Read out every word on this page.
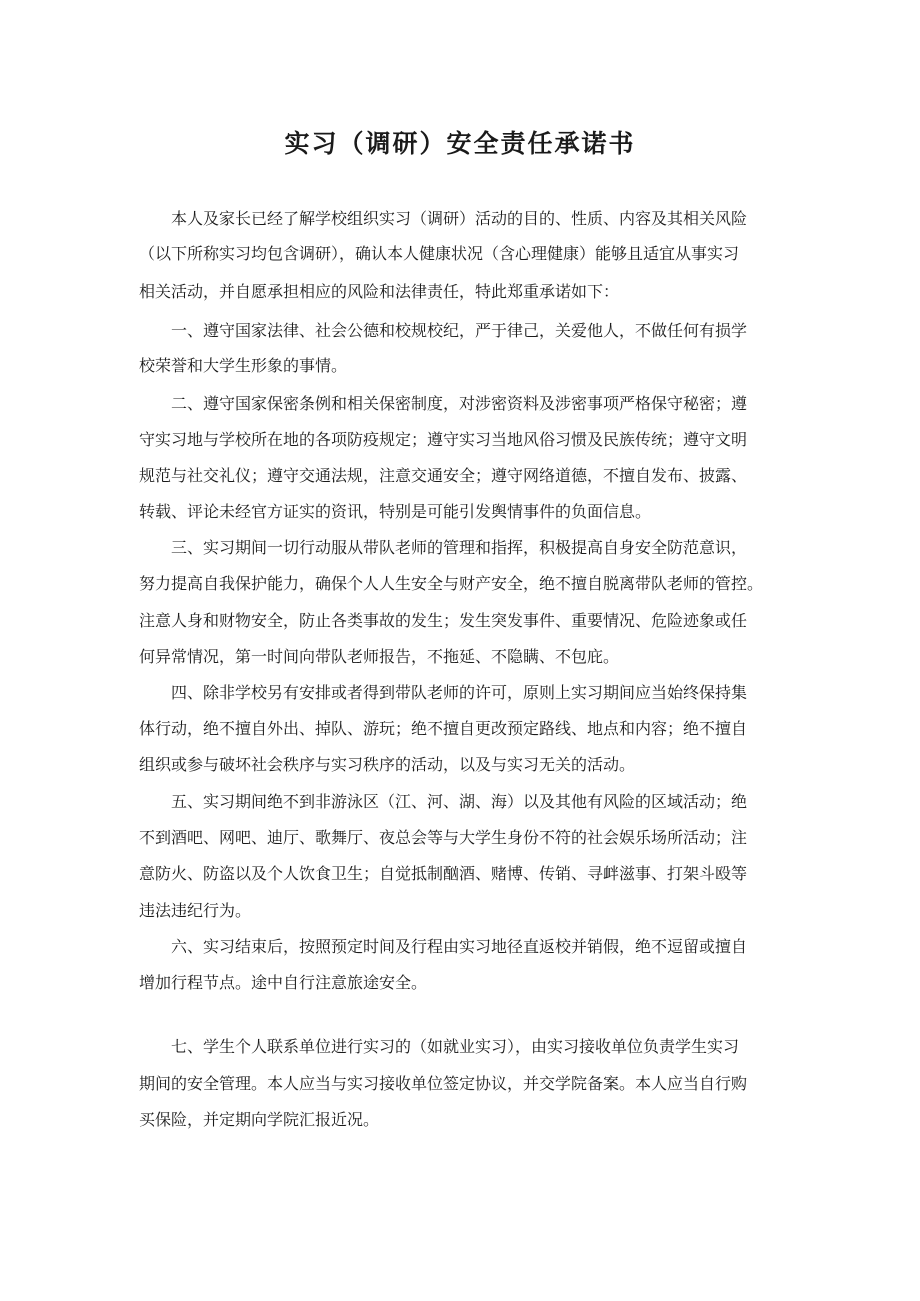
实习（调研）安全责任承诺书
本人及家长已经了解学校组织实习（调研）活动的目的、性质、内容及其相关风险
（以下所称实习均包含调研），确认本人健康状况（含心理健康）能够且适宜从事实习
相关活动，并自愿承担相应的风险和法律责任，特此郑重承诺如下：
一、遵守国家法律、社会公德和校规校纪，严于律己，关爱他人，不做任何有损学
校荣誉和大学生形象的事情。
二、遵守国家保密条例和相关保密制度，对涉密资料及涉密事项严格保守秘密；遵
守实习地与学校所在地的各项防疫规定；遵守实习当地风俗习惯及民族传统；遵守文明
规范与社交礼仪；遵守交通法规，注意交通安全；遵守网络道德，不擅自发布、披露、
转载、评论未经官方证实的资讯，特别是可能引发舆情事件的负面信息。
三、实习期间一切行动服从带队老师的管理和指挥，积极提高自身安全防范意识，
努力提高自我保护能力，确保个人人生安全与财产安全，绝不擅自脱离带队老师的管控。
注意人身和财物安全，防止各类事故的发生；发生突发事件、重要情况、危险迹象或任
何异常情况，第一时间向带队老师报告，不拖延、不隐瞒、不包庇。
四、除非学校另有安排或者得到带队老师的许可，原则上实习期间应当始终保持集
体行动，绝不擅自外出、掉队、游玩；绝不擅自更改预定路线、地点和内容；绝不擅自
组织或参与破坏社会秩序与实习秩序的活动，以及与实习无关的活动。
五、实习期间绝不到非游泳区（江、河、湖、海）以及其他有风险的区域活动；绝
不到酒吧、网吧、迪厅、歌舞厅、夜总会等与大学生身份不符的社会娱乐场所活动；注
意防火、防盗以及个人饮食卫生；自觉抵制酗酒、赌博、传销、寻衅滋事、打架斗殴等
违法违纪行为。
六、实习结束后，按照预定时间及行程由实习地径直返校并销假，绝不逗留或擅自
增加行程节点。途中自行注意旅途安全。
七、学生个人联系单位进行实习的（如就业实习），由实习接收单位负责学生实习
期间的安全管理。本人应当与实习接收单位签定协议，并交学院备案。本人应当自行购
买保险，并定期向学院汇报近况。
